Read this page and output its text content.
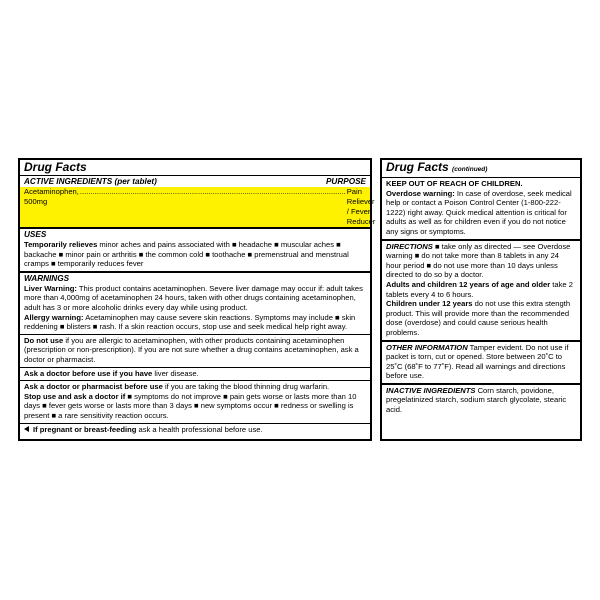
Drug Facts
ACTIVE INGREDIENTS (per tablet)	PURPOSE
Acetaminophen, 500mg
.............................................................................................................................. Pain Reliever / Fever Reducer
USES

Temporarily relieves minor aches and pains associated with ■ headache ■ muscular aches ■ backache ■ minor pain or arthritis ■ the common cold ■ toothache ■ premenstrual and menstrual cramps ■ temporarily reduces fever

WARNINGS

Liver Warning: This product contains acetaminophen. Severe liver damage may occur if: adult takes more than 4,000mg of acetaminophen 24 hours, taken with other drugs containing acetaminophen, adult has 3 or more alcoholic drinks every day while using product.

Allergy warning: Acetaminophen may cause severe skin reactions. Symptoms may include ■ skin reddening ■ blisters ■ rash. If a skin reaction occurs, stop use and seek medical help right away.

Do not use if you are allergic to acetaminophen, with other products containing acetaminophen (prescription or non-prescription). If you are not sure whether a drug contains acetaminophen, ask a doctor or pharmacist.

Ask a doctor before use if you have liver disease.

Ask a doctor or pharmacist before use if you are taking the blood thinning drug warfarin.

Stop use and ask a doctor if ■ symptoms do not improve ■ pain gets worse or lasts more than 10 days ■ fever gets worse or lasts more than 3 days ■ new symptoms occur ■ redness or swelling is present ■ a rare sensitivity reaction occurs.

If pregnant or breast-feeding ask a health professional before use.

Drug Facts (continued)

KEEP OUT OF REACH OF CHILDREN.

Overdose warning: In case of overdose, seek medical help or contact a Poison Control Center (1-800-222-1222) right away. Quick medical attention is critical for adults as well as for children even if you do not notice any signs or symptoms.

DIRECTIONS ■ take only as directed — see Overdose warning ■ do not take more than 8 tablets in any 24 hour period ■ do not use more than 10 days unless directed to do so by a doctor.

Adults and children 12 years of age and older take 2 tablets every 4 to 6 hours.

Children under 12 years do not use this extra stength product. This will provide more than the recommended dose (overdose) and could cause serious health problems.

OTHER INFORMATION Tamper evident. Do not use if packet is torn, cut or opened. Store between 20˚C to 25˚C (68˚F to 77˚F). Read all warnings and directions before use.

INACTIVE INGREDIENTS Corn starch, povidone, pregelatinized starch, sodium starch glycolate, stearic acid.
